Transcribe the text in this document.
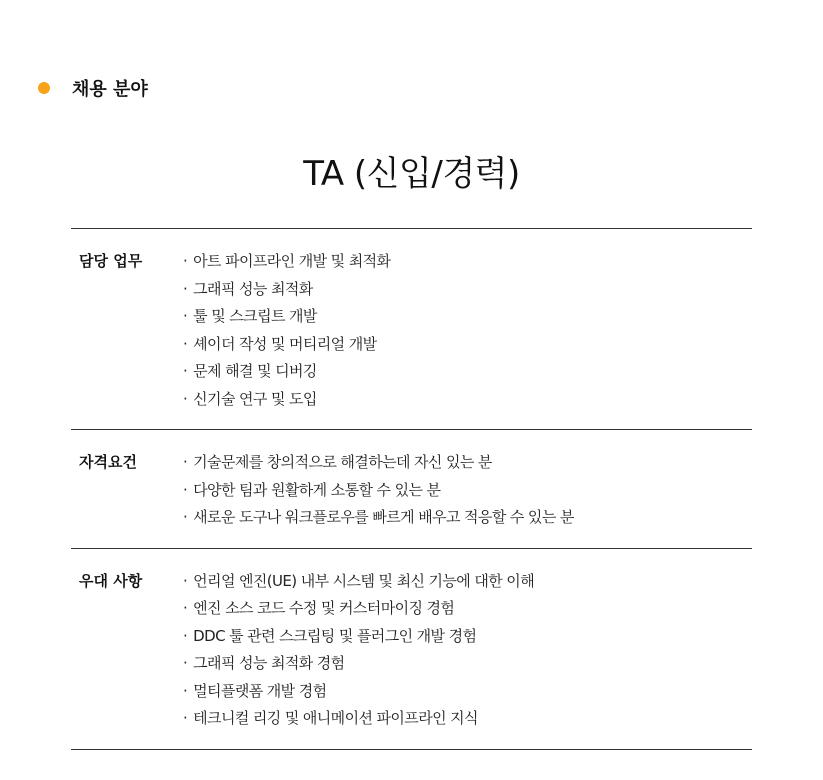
채용 분야
TA (신입/경력)
담당 업무	· 아트 파이프라인 개발 및 최적화
· 그래픽 성능 최적화
· 툴 및 스크립트 개발
· 셰이더 작성 및 머티리얼 개발
· 문제 해결 및 디버깅
· 신기술 연구 및 도입
자격요건	· 기술문제를 창의적으로 해결하는데 자신 있는 분
· 다양한 팀과 원활하게 소통할 수 있는 분
· 새로운 도구나 워크플로우를 빠르게 배우고 적응할 수 있는 분
우대 사항	· 언리얼 엔진(UE) 내부 시스템 및 최신 기능에 대한 이해
· 엔진 소스 코드 수정 및 커스터마이징 경험
· DDC 툴 관련 스크립팅 및 플러그인 개발 경험
· 그래픽 성능 최적화 경험
· 멀티플랫폼 개발 경험
· 테크니컬 리깅 및 애니메이션 파이프라인 지식
